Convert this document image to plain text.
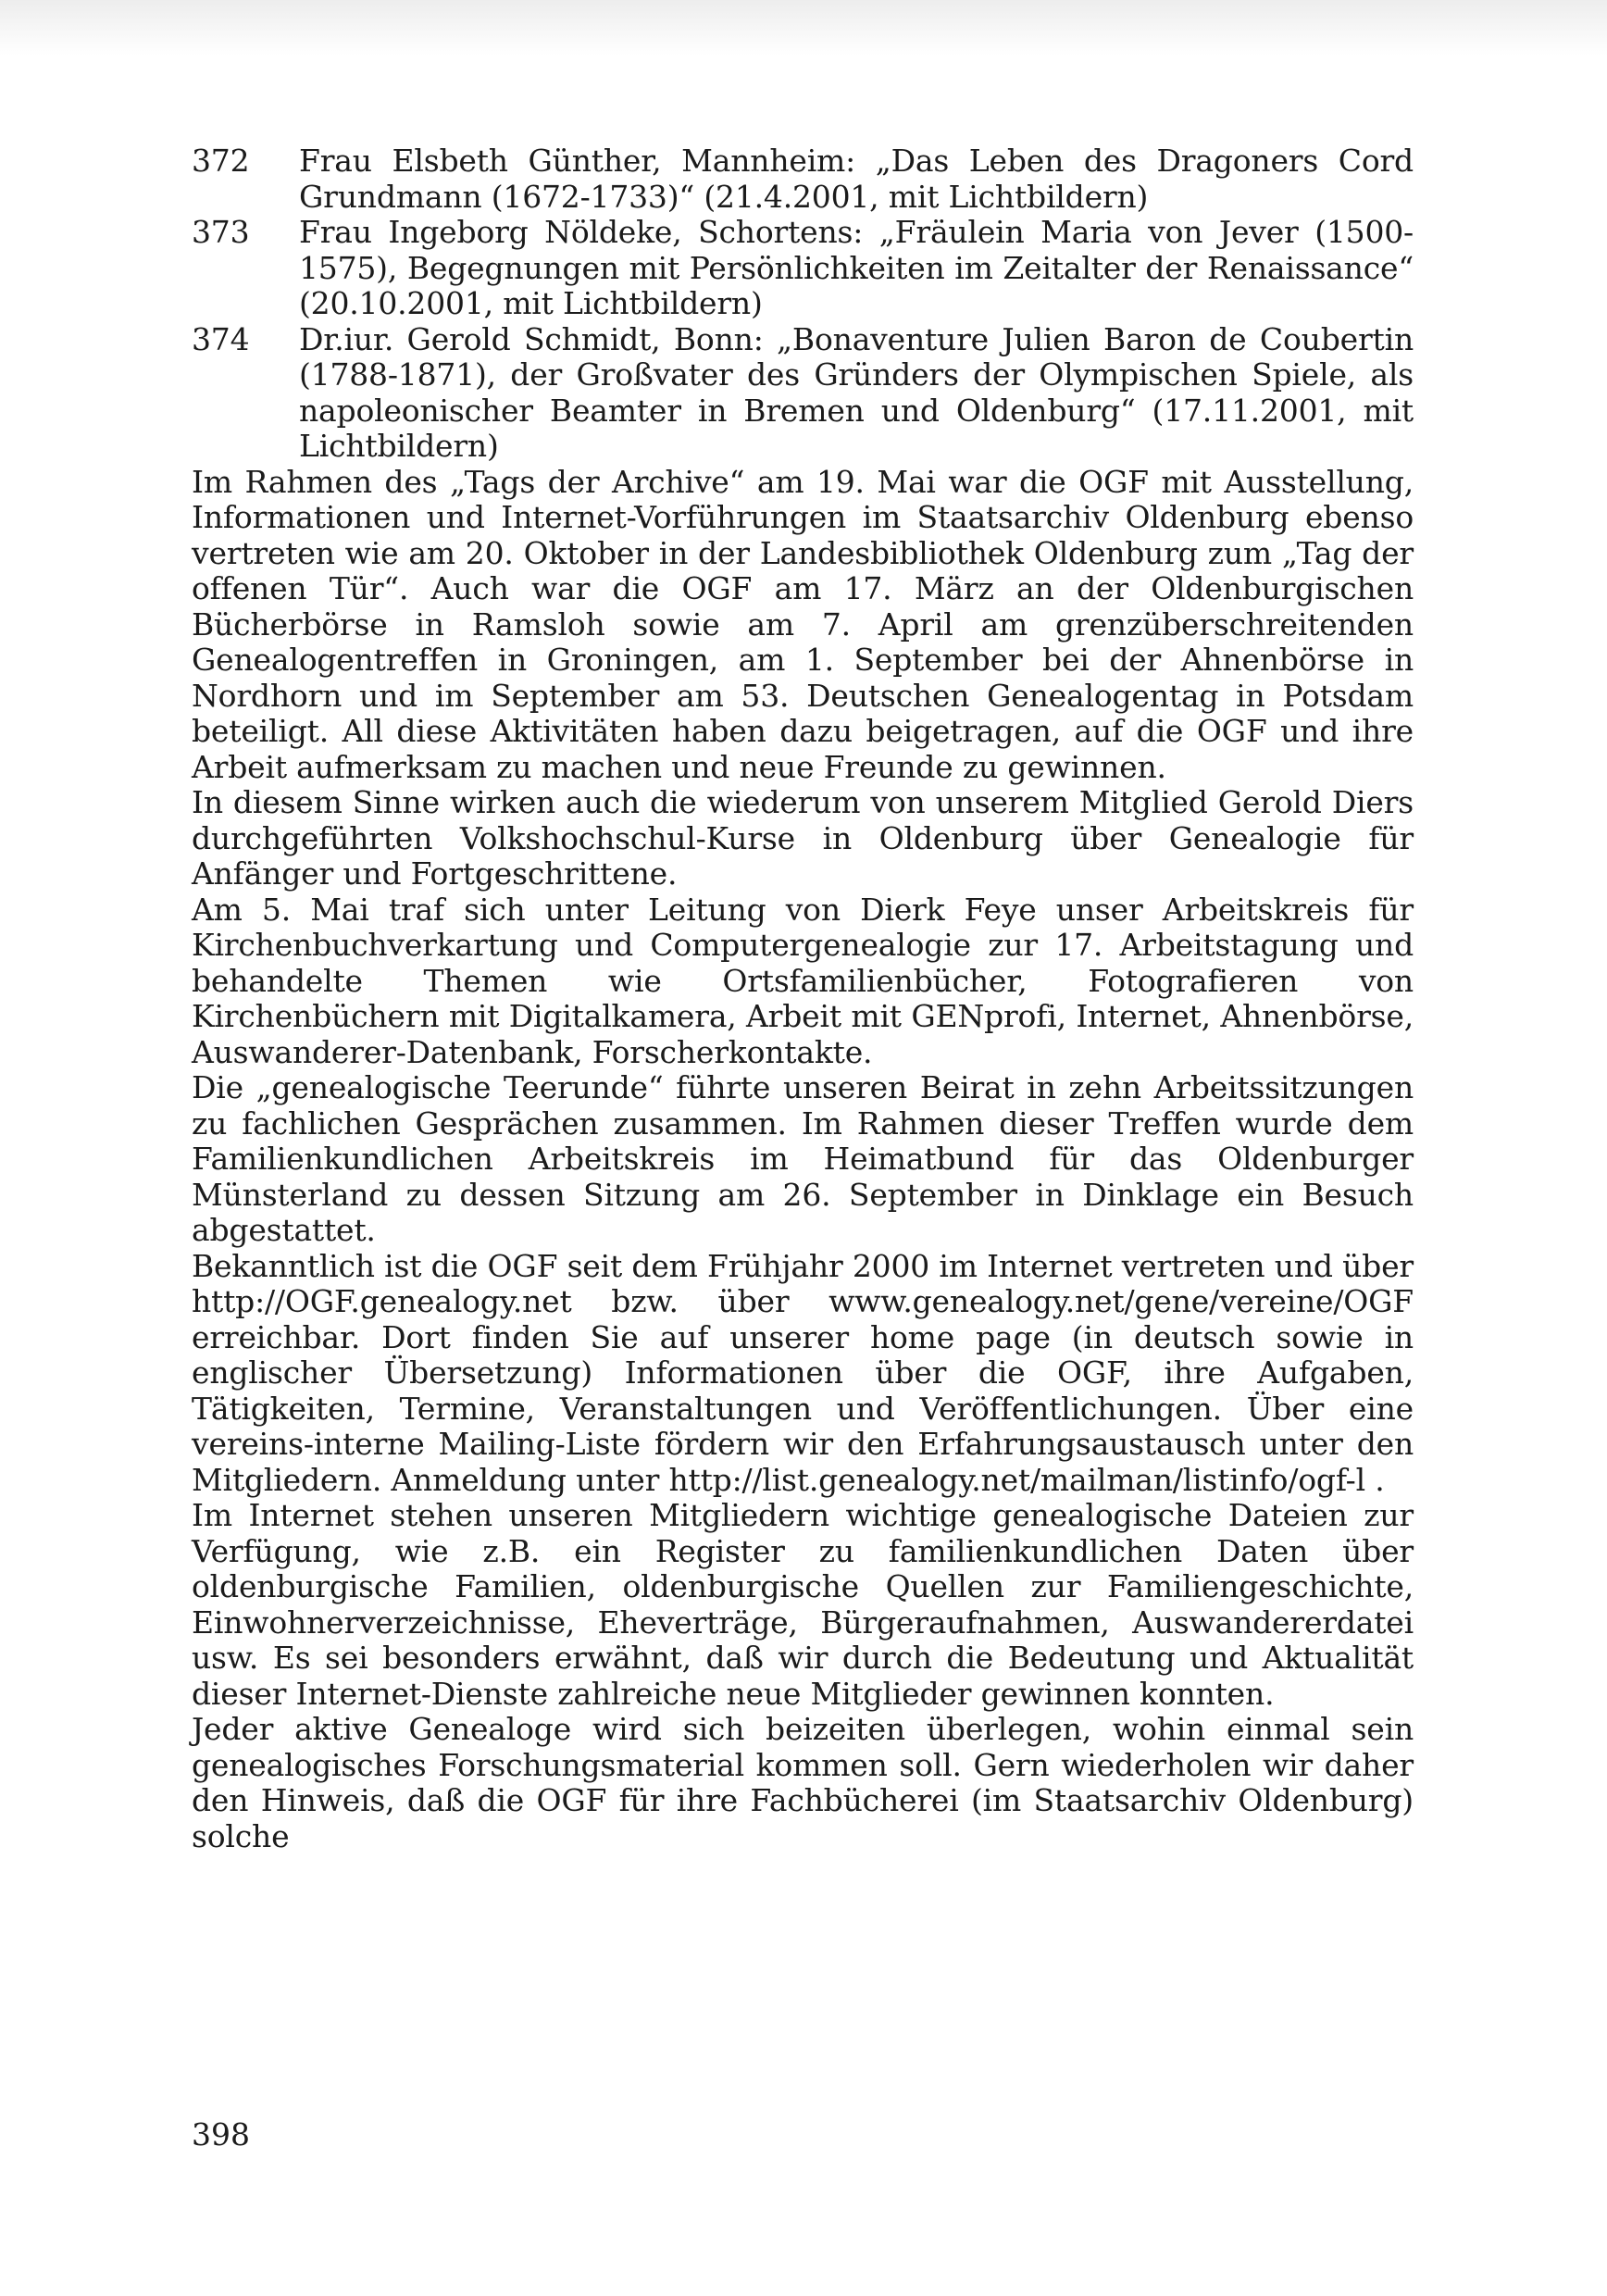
372	Frau Elsbeth Günther, Mannheim: „Das Leben des Dragoners Cord Grundmann (1672-1733)“ (21.4.2001, mit Lichtbildern)
373	Frau Ingeborg Nöldeke, Schortens: „Fräulein Maria von Jever (1500-1575), Begegnungen mit Persönlichkeiten im Zeitalter der Renaissance“ (20.10.2001, mit Lichtbildern)
374	Dr.iur. Gerold Schmidt, Bonn: „Bonaventure Julien Baron de Coubertin (1788-1871), der Großvater des Gründers der Olympischen Spiele, als napoleonischer Beamter in Bremen und Oldenburg“ (17.11.2001, mit Lichtbildern)

Im Rahmen des „Tags der Archive“ am 19. Mai war die OGF mit Ausstellung, Informationen und Internet-Vorführungen im Staatsarchiv Oldenburg ebenso vertreten wie am 20. Oktober in der Landesbibliothek Oldenburg zum „Tag der offenen Tür“. Auch war die OGF am 17. März an der Oldenburgischen Bücherbörse in Ramsloh sowie am 7. April am grenzüberschreitenden Genealogentreffen in Groningen, am 1. September bei der Ahnenbörse in Nordhorn und im September am 53. Deutschen Genealogentag in Potsdam beteiligt. All diese Aktivitäten haben dazu beigetragen, auf die OGF und ihre Arbeit aufmerksam zu machen und neue Freunde zu gewinnen.

In diesem Sinne wirken auch die wiederum von unserem Mitglied Gerold Diers durchgeführten Volkshochschul-Kurse in Oldenburg über Genealogie für Anfänger und Fortgeschrittene.

Am 5. Mai traf sich unter Leitung von Dierk Feye unser Arbeitskreis für Kirchenbuchverkartung und Computergenealogie zur 17. Arbeitstagung und behandelte Themen wie Ortsfamilienbücher, Fotografieren von Kirchenbüchern mit Digitalkamera, Arbeit mit GENprofi, Internet, Ahnenbörse, Auswanderer-Datenbank, Forscherkontakte.

Die „genealogische Teerunde“ führte unseren Beirat in zehn Arbeitssitzungen zu fachlichen Gesprächen zusammen. Im Rahmen dieser Treffen wurde dem Familienkundlichen Arbeitskreis im Heimatbund für das Oldenburger Münsterland zu dessen Sitzung am 26. September in Dinklage ein Besuch abgestattet.

Bekanntlich ist die OGF seit dem Frühjahr 2000 im Internet vertreten und über http://OGF.genealogy.net bzw. über www.genealogy.net/gene/vereine/OGF erreichbar. Dort finden Sie auf unserer home page (in deutsch sowie in englischer Übersetzung) Informationen über die OGF, ihre Aufgaben, Tätigkeiten, Termine, Veranstaltungen und Veröffentlichungen. Über eine vereins-interne Mailing-Liste fördern wir den Erfahrungsaustausch unter den Mitgliedern. Anmeldung unter http://list.genealogy.net/mailman/listinfo/ogf-l .

Im Internet stehen unseren Mitgliedern wichtige genealogische Dateien zur Verfügung, wie z.B. ein Register zu familienkundlichen Daten über oldenburgische Familien, oldenburgische Quellen zur Familiengeschichte, Einwohnerverzeichnisse, Eheverträge, Bürgeraufnahmen, Auswandererdatei usw. Es sei besonders erwähnt, daß wir durch die Bedeutung und Aktualität dieser Internet-Dienste zahlreiche neue Mitglieder gewinnen konnten.

Jeder aktive Genealoge wird sich beizeiten überlegen, wohin einmal sein genealogisches Forschungsmaterial kommen soll. Gern wiederholen wir daher den Hinweis, daß die OGF für ihre Fachbücherei (im Staatsarchiv Oldenburg) solche

398
